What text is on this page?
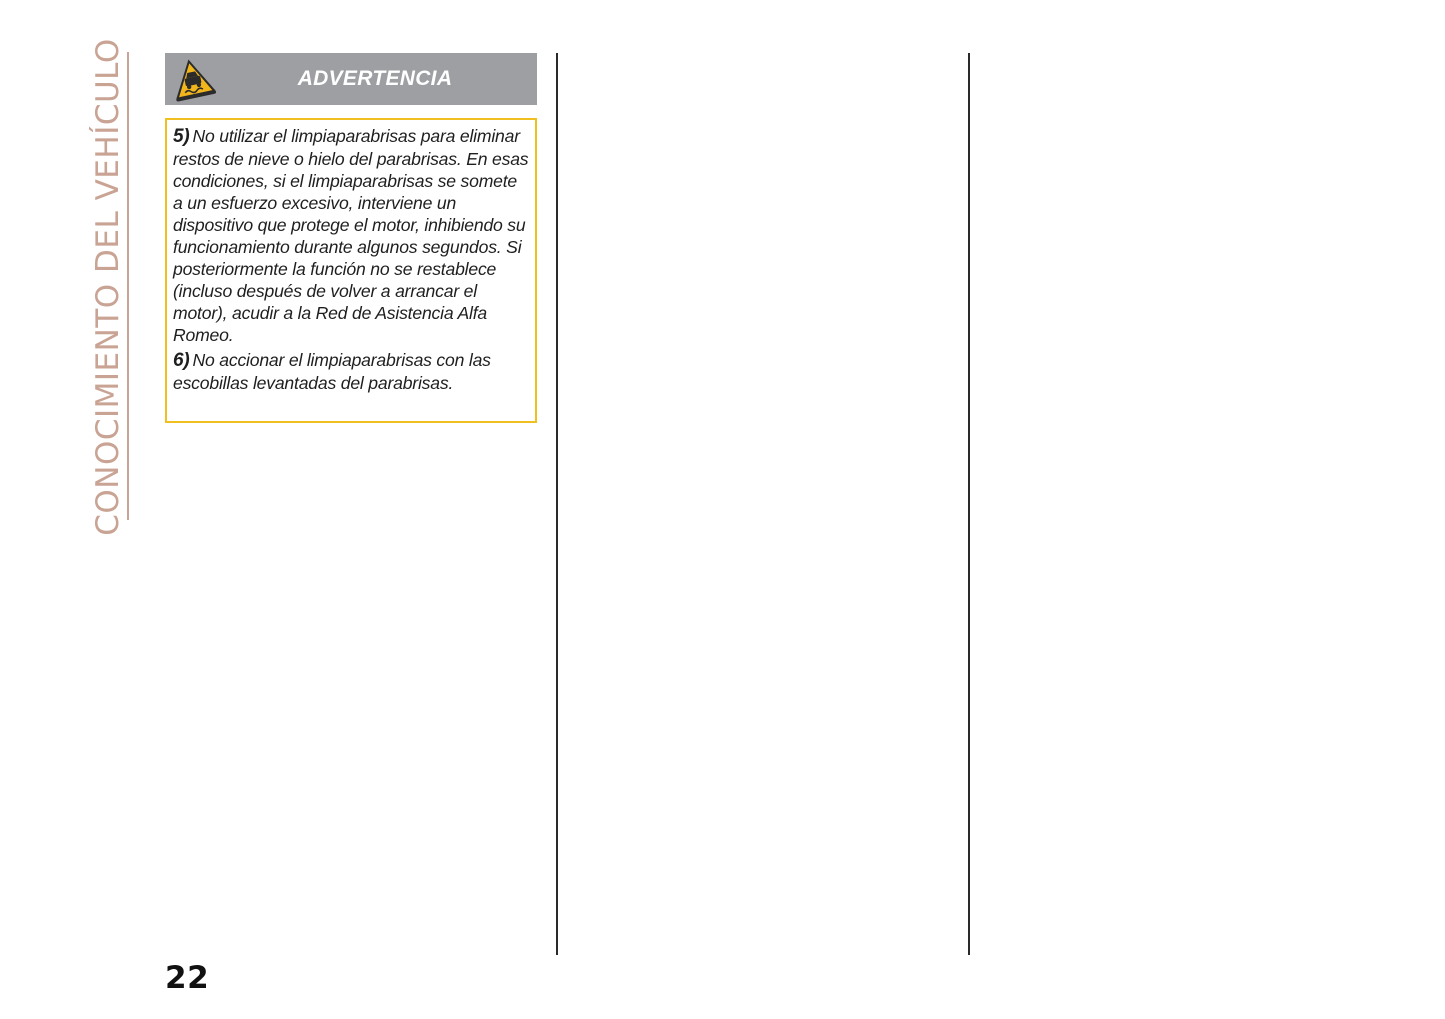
CONOCIMIENTO DEL VEHÍCULO	ADVERTENCIA

5) No utilizar el limpiaparabrisas para eliminar restos de nieve o hielo del parabrisas. En esas condiciones, si el limpiaparabrisas se somete a un esfuerzo excesivo, interviene un dispositivo que protege el motor, inhibiendo su funcionamiento durante algunos segundos. Si posteriormente la función no se restablece (incluso después de volver a arrancar el motor), acudir a la Red de Asistencia Alfa Romeo.

6) No accionar el limpiaparabrisas con las escobillas levantadas del parabrisas.

22
